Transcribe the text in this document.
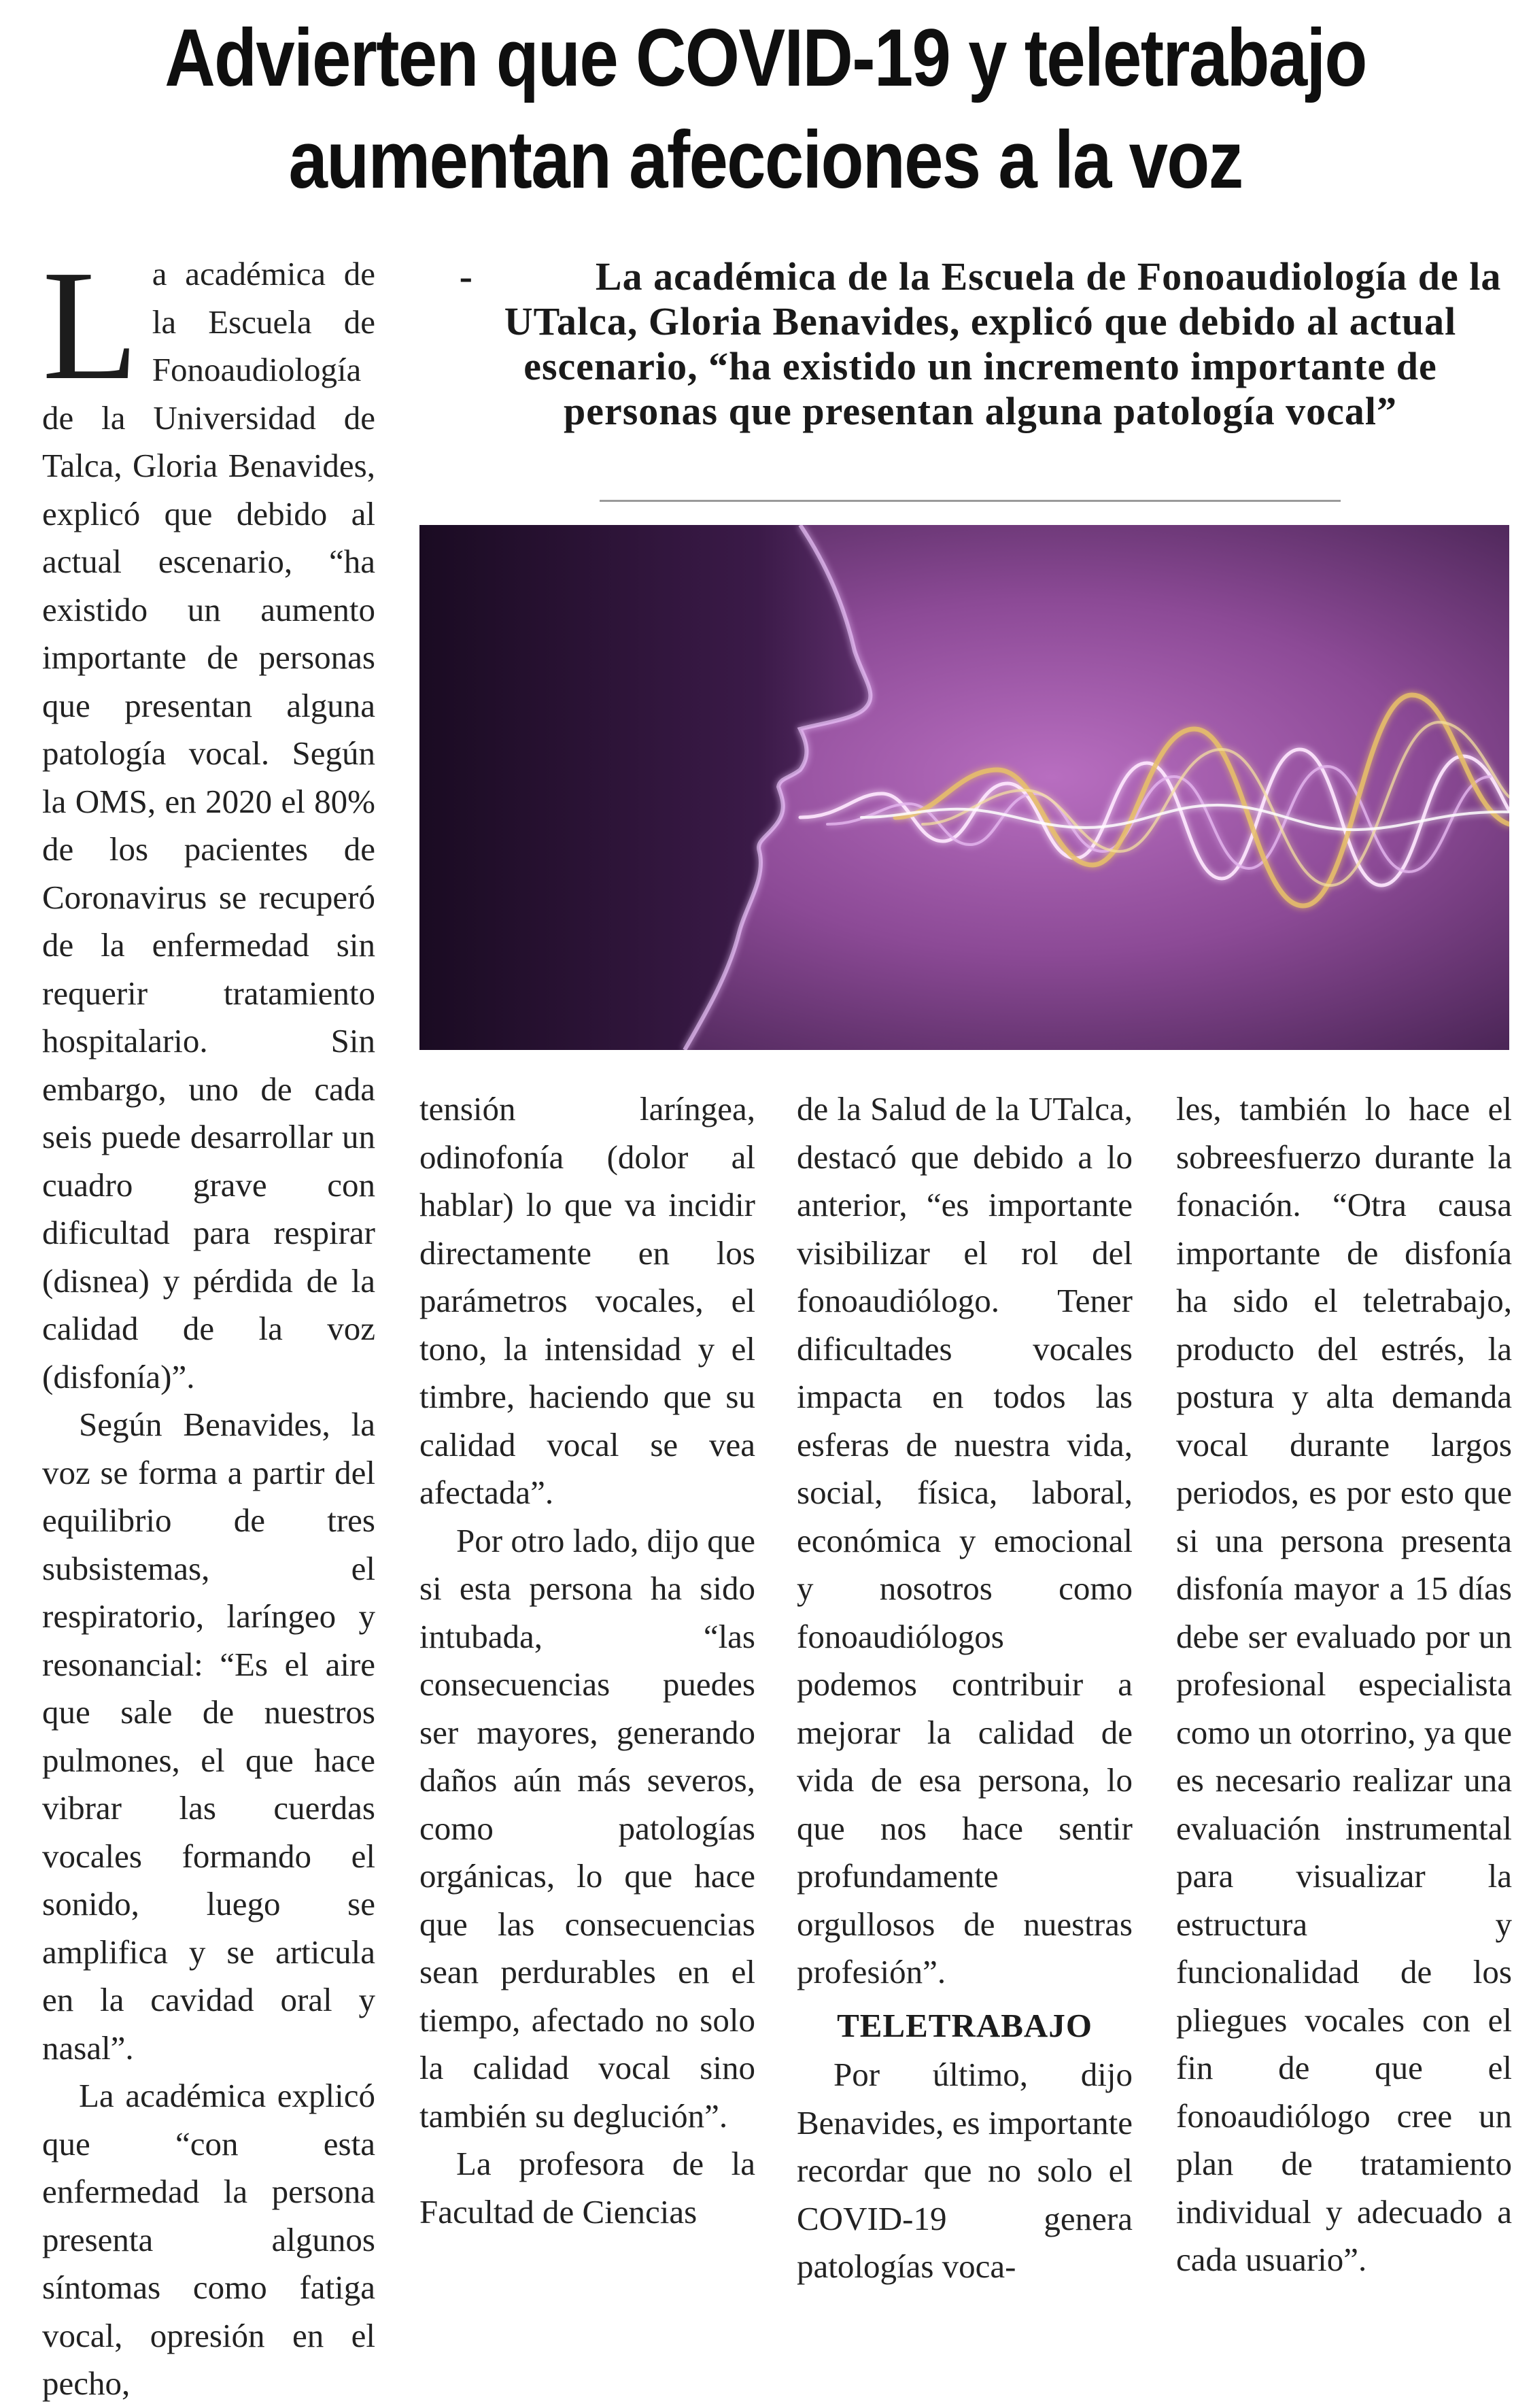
Advierten que COVID-19 y teletrabajo
aumentan afecciones a la voz

La académica de la Escuela de Fonoaudiología de la Universidad de Talca, Gloria Benavides, explicó que debido al actual escenario, “ha existido un aumento importante de personas que presentan alguna patología vocal. Según la OMS, en 2020 el 80% de los pacientes de Coronavirus se recuperó de la enfermedad sin requerir tratamiento hospitalario. Sin embargo, uno de cada seis puede desarrollar un cuadro grave con dificultad para respirar (disnea) y pérdida de la calidad de la voz (disfonía)”.

Según Benavides, la voz se forma a partir del equilibrio de tres subsistemas, el respiratorio, laríngeo y resonancial: “Es el aire que sale de nuestros pulmones, el que hace vibrar las cuerdas vocales formando el sonido, luego se amplifica y se articula en la cavidad oral y nasal”.

La académica explicó que “con esta enfermedad la persona presenta algunos síntomas como fatiga vocal, opresión en el pecho,

-	La académica de la Escuela de Fonoaudiología de la UTalca, Gloria Benavides, explicó que debido al actual escenario, “ha existido un incremento importante de personas que presentan alguna patología vocal”

tensión laríngea, odinofonía (dolor al hablar) lo que va incidir directamente en los parámetros vocales, el tono, la intensidad y el timbre, haciendo que su calidad vocal se vea afectada”.

Por otro lado, dijo que si esta persona ha sido intubada, “las consecuencias puedes ser mayores, generando daños aún más severos, como patologías orgánicas, lo que hace que las consecuencias sean perdurables en el tiempo, afectado no solo la calidad vocal sino también su deglución”.

La profesora de la Facultad de Ciencias

de la Salud de la UTalca, destacó que debido a lo anterior, “es importante visibilizar el rol del fonoaudiólogo. Tener dificultades vocales impacta en todos las esferas de nuestra vida, social, física, laboral, económica y emocional y nosotros como fonoaudiólogos podemos contribuir a mejorar la calidad de vida de esa persona, lo que nos hace sentir profundamente orgullosos de nuestras profesión”.

TELETRABAJO

Por último, dijo Benavides, es importante recordar que no solo el COVID-19 genera patologías voca-

les, también lo hace el sobreesfuerzo durante la fonación. “Otra causa importante de disfonía ha sido el teletrabajo, producto del estrés, la postura y alta demanda vocal durante largos periodos, es por esto que si una persona presenta disfonía mayor a 15 días debe ser evaluado por un profesional especialista como un otorrino, ya que es necesario realizar una evaluación instrumental para visualizar la estructura y funcionalidad de los pliegues vocales con el fin de que el fonoaudiólogo cree un plan de tratamiento individual y adecuado a cada usuario”.
